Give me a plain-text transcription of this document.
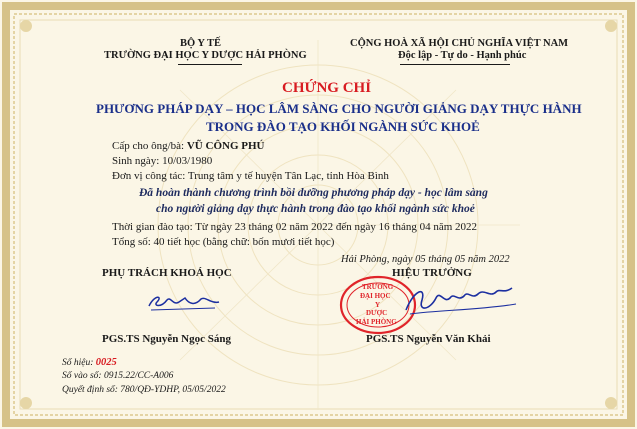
BỘ Y TẾ
TRƯỜNG ĐẠI HỌC Y DƯỢC HẢI PHÒNG
CỘNG HOÀ XÃ HỘI CHỦ NGHĨA VIỆT NAM
Độc lập - Tự do - Hạnh phúc
CHỨNG CHỈ
PHƯƠNG PHÁP DẠY – HỌC LÂM SÀNG CHO NGƯỜI GIẢNG DẠY THỰC HÀNH
TRONG ĐÀO TẠO KHỐI NGÀNH SỨC KHOẺ
Cấp cho ông/bà: VŨ CÔNG PHÚ
Sinh ngày: 10/03/1980
Đơn vị công tác: Trung tâm y tế huyện Tân Lạc, tỉnh Hòa Bình
Đã hoàn thành chương trình bồi dưỡng phương pháp dạy - học lâm sàng
cho người giảng dạy thực hành trong đào tạo khối ngành sức khoẻ
Thời gian đào tạo: Từ ngày 23 tháng 02 năm 2022 đến ngày 16 tháng 04 năm 2022
Tổng số: 40 tiết học (bằng chữ: bốn mươi tiết học)
Hải Phòng, ngày 05 tháng 05 năm 2022
PHỤ TRÁCH KHOÁ HỌC
PGS.TS Nguyễn Ngọc Sáng
HIỆU TRƯỞNG
TRƯỜNG
ĐẠI HỌC
Y
DƯỢC
HẢI PHÒNG
PGS.TS Nguyễn Văn Khải
Số hiệu: 0025
Số vào số: 0915.22/CC-A006
Quyết định số: 780/QĐ-YDHP, 05/05/2022
